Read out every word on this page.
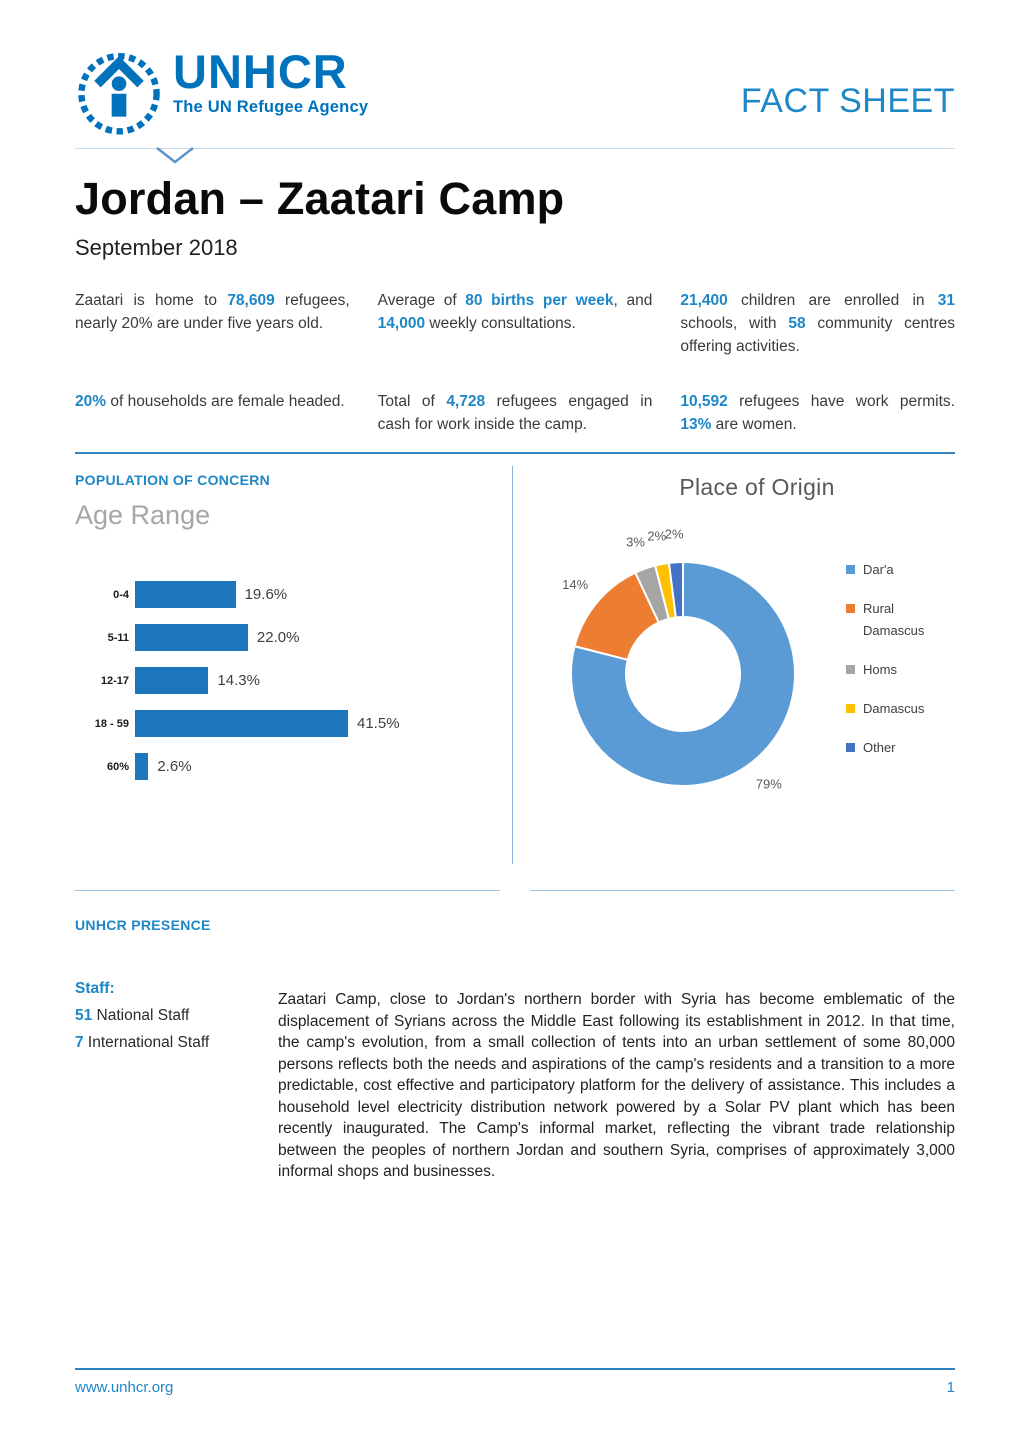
UNHCR
The UN Refugee Agency	FACT SHEET
Jordan – Zaatari Camp
September 2018

Zaatari is home to 78,609 refugees, nearly 20% are under five years old.

Average of 80 births per week, and 14,000 weekly consultations.

21,400 children are enrolled in 31 schools, with 58 community centres offering activities.

20% of households are female headed.	Total of 4,728 refugees engaged in cash for work inside the camp.

10,592 refugees have work permits. 13% are women.

POPULATION OF CONCERN
Age Range
0-4	19.6%
5-11	22.0%
12-17	14.3%
18 - 59	41.5%
60%	2.6%
Place of Origin
79%
14%
3% 2%
2%
Dar'a
Rural Damascus
Homs
Damascus
Other
UNHCR PRESENCE
Staff:
51 National Staff
7 International Staff

Zaatari Camp, close to Jordan's northern border with Syria has become emblematic of the displacement of Syrians across the Middle East following its establishment in 2012. In that time, the camp's evolution, from a small collection of tents into an urban settlement of some 80,000 persons reflects both the needs and aspirations of the camp's residents and a transition to a more predictable, cost effective and participatory platform for the delivery of assistance. This includes a household level electricity distribution network powered by a Solar PV plant which has been recently inaugurated. The Camp's informal market, reflecting the vibrant trade relationship between the peoples of northern Jordan and southern Syria, comprises of approximately 3,000 informal shops and businesses.

www.unhcr.org	1
